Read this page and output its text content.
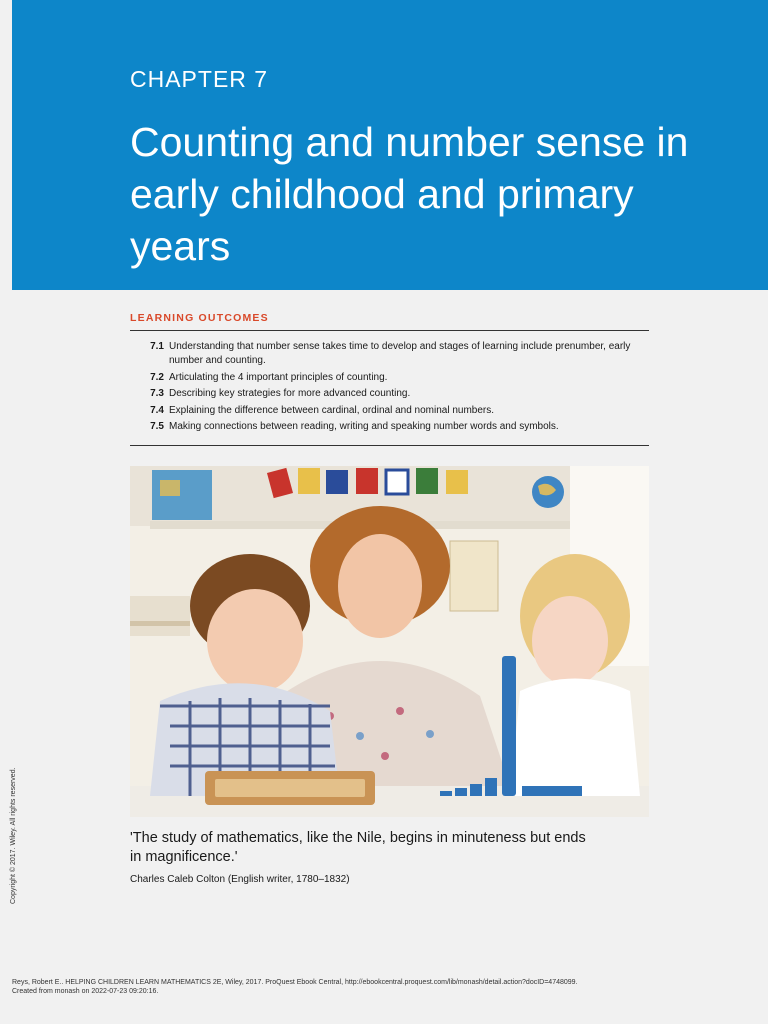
CHAPTER 7
Counting and number sense in early childhood and primary years
LEARNING OUTCOMES
7.1 Understanding that number sense takes time to develop and stages of learning include prenumber, early number and counting.
7.2 Articulating the 4 important principles of counting.
7.3 Describing key strategies for more advanced counting.
7.4 Explaining the difference between cardinal, ordinal and nominal numbers.
7.5 Making connections between reading, writing and speaking number words and symbols.
'The study of mathematics, like the Nile, begins in minuteness but ends in magnificence.'
Charles Caleb Colton (English writer, 1780–1832)
Copyright © 2017. Wiley. All rights reserved.
Reys, Robert E.. HELPING CHILDREN LEARN MATHEMATICS 2E, Wiley, 2017. ProQuest Ebook Central, http://ebookcentral.proquest.com/lib/monash/detail.action?docID=4748099.
Created from monash on 2022-07-23 09:20:16.
